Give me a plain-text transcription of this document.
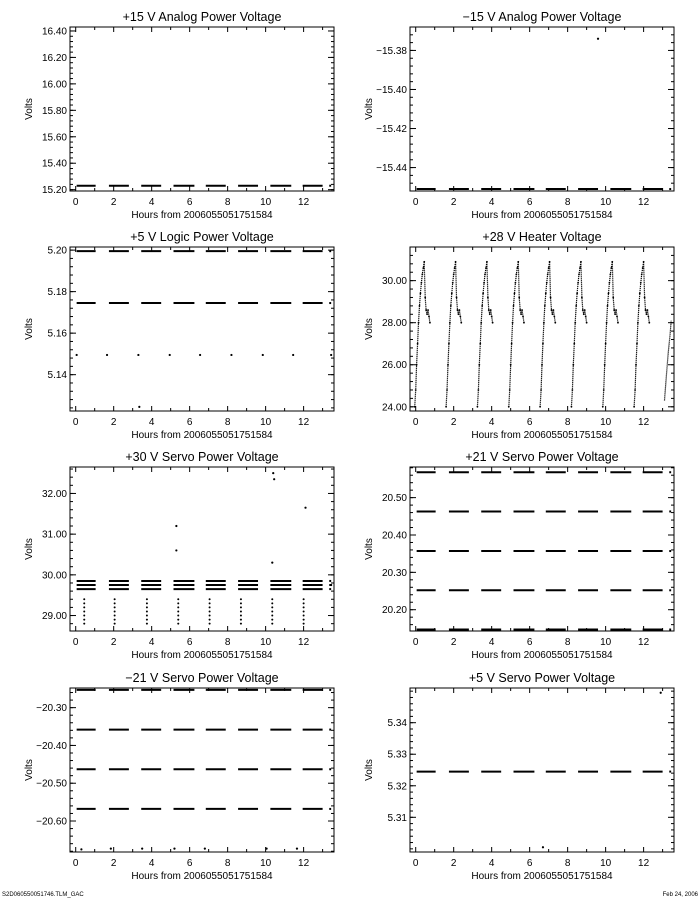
+15 V Analog Power Voltage
0	2	4	6	8	10	12
15.20
15.40
15.60
15.80
16.00
16.20
16.40
Hours from 2006055051751584
Volts
−15 V Analog Power Voltage
0	2	4	6	8	10	12
−15.44
−15.42
−15.40
−15.38
Hours from 2006055051751584
Volts
+5 V Logic Power Voltage
0	2	4	6	8	10	12
5.14
5.16
5.18
5.20
Hours from 2006055051751584
Volts
+28 V Heater Voltage
0	2	4	6	8	10	12
24.00
26.00
28.00
30.00
Hours from 2006055051751584
Volts
+30 V Servo Power Voltage
0	2	4	6	8	10	12
29.00
30.00
31.00
32.00
Hours from 2006055051751584
Volts
+21 V Servo Power Voltage
0	2	4	6	8	10	12
20.20
20.30
20.40
20.50
Hours from 2006055051751584
Volts
−21 V Servo Power Voltage
0	2	4	6	8	10	12
−20.60
−20.50
−20.40
−20.30
Hours from 2006055051751584
Volts
+5 V Servo Power Voltage
0	2	4	6	8	10	12
5.31
5.32
5.33
5.34
Hours from 2006055051751584
Volts
S2D060550051746.TLM_GAC	Feb 24, 2006
